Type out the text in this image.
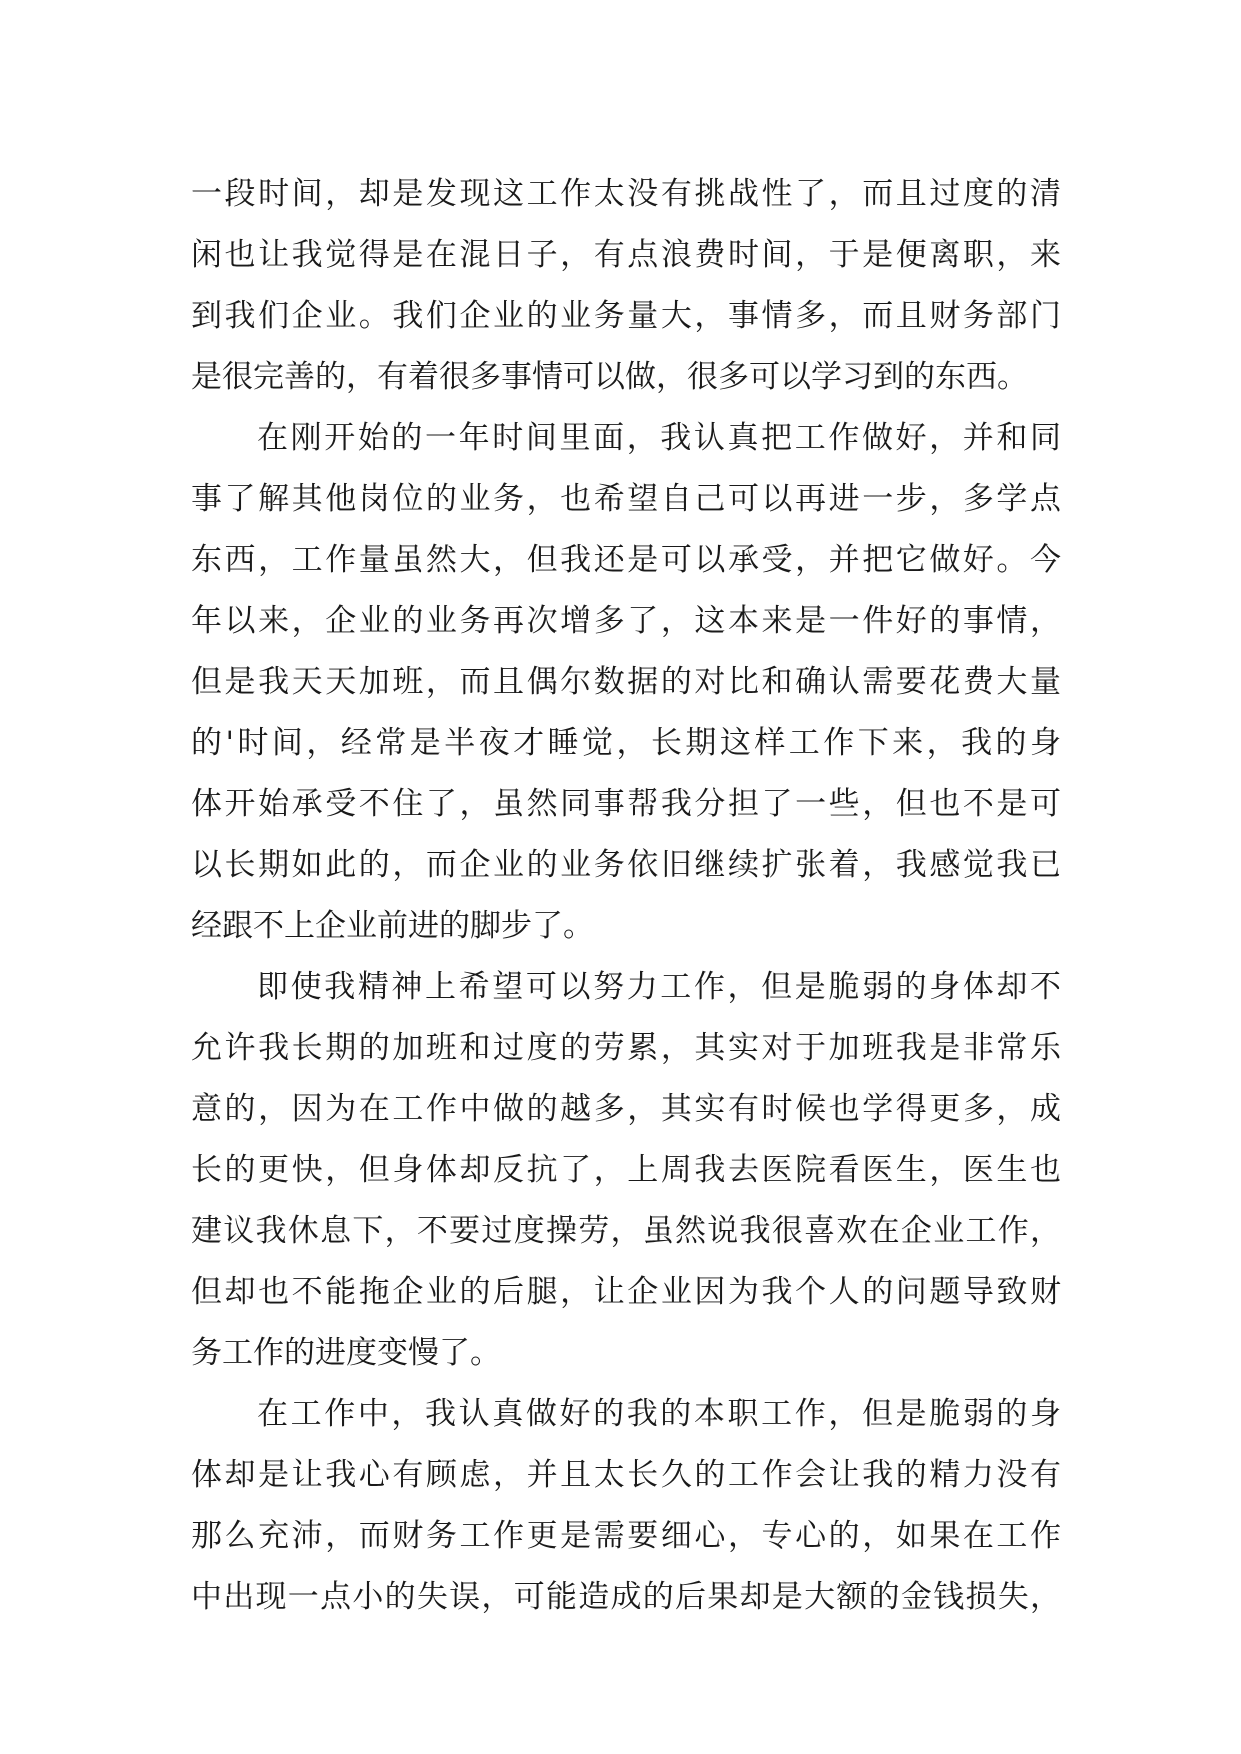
一段时间，却是发现这工作太没有挑战性了，而且过度的清
闲也让我觉得是在混日子，有点浪费时间，于是便离职，来
到我们企业。我们企业的业务量大，事情多，而且财务部门
是很完善的，有着很多事情可以做，很多可以学习到的东西。
在刚开始的一年时间里面，我认真把工作做好，并和同
事了解其他岗位的业务，也希望自己可以再进一步，多学点
东西，工作量虽然大，但我还是可以承受，并把它做好。今
年以来，企业的业务再次增多了，这本来是一件好的事情，
但是我天天加班，而且偶尔数据的对比和确认需要花费大量
的'时间，经常是半夜才睡觉，长期这样工作下来，我的身
体开始承受不住了，虽然同事帮我分担了一些，但也不是可
以长期如此的，而企业的业务依旧继续扩张着，我感觉我已
经跟不上企业前进的脚步了。
即使我精神上希望可以努力工作，但是脆弱的身体却不
允许我长期的加班和过度的劳累，其实对于加班我是非常乐
意的，因为在工作中做的越多，其实有时候也学得更多，成
长的更快，但身体却反抗了，上周我去医院看医生，医生也
建议我休息下，不要过度操劳，虽然说我很喜欢在企业工作，
但却也不能拖企业的后腿，让企业因为我个人的问题导致财
务工作的进度变慢了。
在工作中，我认真做好的我的本职工作，但是脆弱的身
体却是让我心有顾虑，并且太长久的工作会让我的精力没有
那么充沛，而财务工作更是需要细心，专心的，如果在工作
中出现一点小的失误，可能造成的后果却是大额的金钱损失，
